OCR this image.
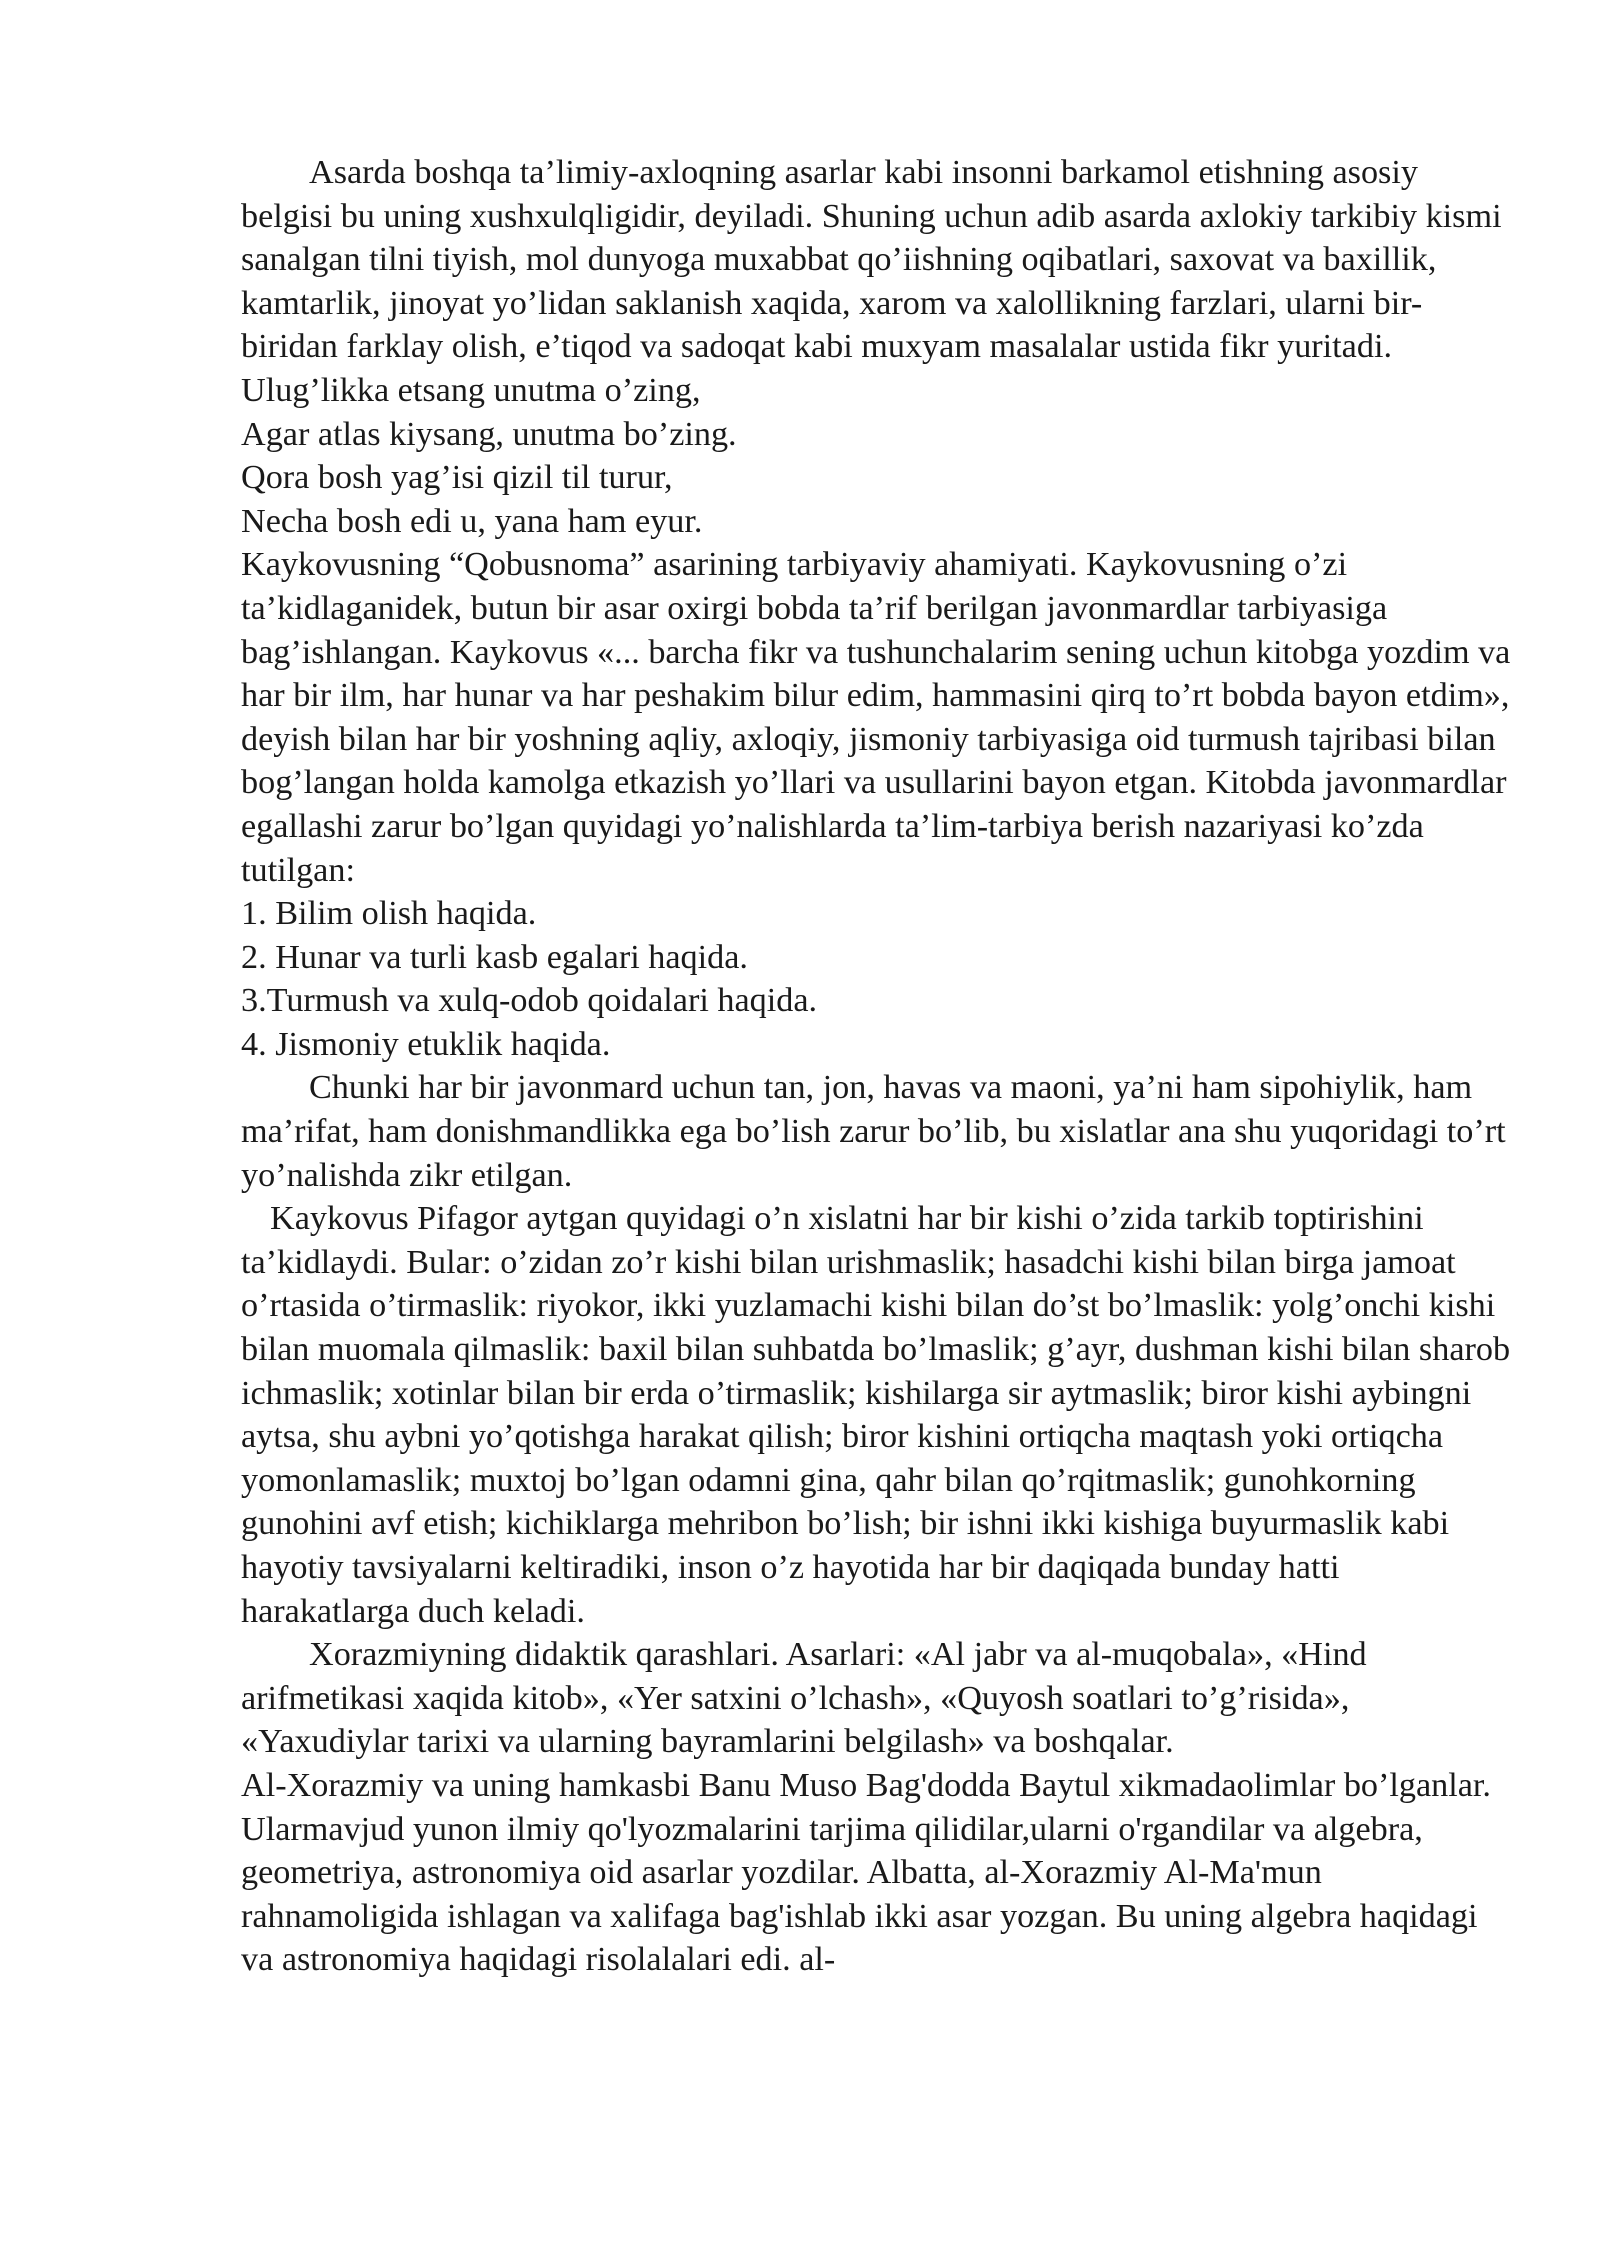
Asarda boshqa ta’limiy-axloqning asarlar kabi insonni barkamol etishning asosiy belgisi bu uning xushxulqligidir, deyiladi. Shuning uchun adib asarda axlokiy tarkibiy kismi sanalgan tilni tiyish, mol dunyoga muxabbat qo’iishning oqibatlari, saxovat va baxillik, kamtarlik, jinoyat yo’lidan saklanish xaqida, xarom va xalollikning farzlari, ularni bir-biridan farklay olish, e’tiqod va sadoqat kabi muxyam masalalar ustida fikr yuritadi.

Ulug’likka etsang unutma o’zing,

Agar atlas kiysang, unutma bo’zing.

Qora bosh yag’isi qizil til turur,

Necha bosh edi u, yana ham eyur.

Kaykovusning “Qobusnoma” asarining tarbiyaviy ahamiyati. Kaykovusning o’zi ta’kidlaganidek, butun bir asar oxirgi bobda ta’rif berilgan javonmardlar tarbiyasiga bag’ishlangan. Kaykovus «... barcha fikr va tushunchalarim sening uchun kitobga yozdim va har bir ilm, har hunar va har peshakim bilur edim, hammasini qirq to’rt bobda bayon etdim», deyish bilan har bir yoshning aqliy, axloqiy, jismoniy tarbiyasiga oid turmush tajribasi bilan bog’langan holda kamolga etkazish yo’llari va usullarini bayon etgan. Kitobda javonmardlar egallashi zarur bo’lgan quyidagi yo’nalishlarda ta’lim-tarbiya berish nazariyasi ko’zda tutilgan:

1. Bilim olish haqida.

2. Hunar va turli kasb egalari haqida.

3.Turmush va xulq-odob qoidalari haqida.

4. Jismoniy etuklik haqida.

Chunki har bir javonmard uchun tan, jon, havas va maoni, ya’ni ham sipohiylik, ham ma’rifat, ham donishmandlikka ega bo’lish zarur bo’lib, bu xislatlar ana shu yuqoridagi to’rt yo’nalishda zikr etilgan.

Kaykovus Pifagor aytgan quyidagi o’n xislatni har bir kishi o’zida tarkib toptirishini ta’kidlaydi. Bular: o’zidan zo’r kishi bilan urishmaslik; hasadchi kishi bilan birga jamoat o’rtasida o’tirmaslik: riyokor, ikki yuzlamachi kishi bilan do’st bo’lmaslik: yolg’onchi kishi bilan muomala qilmaslik: baxil bilan suhbatda bo’lmaslik; g’ayr, dushman kishi bilan sharob ichmaslik; xotinlar bilan bir erda o’tirmaslik; kishilarga sir aytmaslik; biror kishi aybingni aytsa, shu aybni yo’qotishga harakat qilish; biror kishini ortiqcha maqtash yoki ortiqcha yomonlamaslik; muxtoj bo’lgan odamni gina, qahr bilan qo’rqitmaslik; gunohkorning gunohini avf etish; kichiklarga mehribon bo’lish; bir ishni ikki kishiga buyurmaslik kabi hayotiy tavsiyalarni keltiradiki, inson o’z hayotida har bir daqiqada bunday hatti harakatlarga duch keladi.

Xorazmiyning didaktik qarashlari. Asarlari: «Al jabr va al-muqobala», «Hind arifmetikasi xaqida kitob», «Yer satxini o’lchash», «Quyosh soatlari to’g’risida», «Yaxudiylar tarixi va ularning bayramlarini belgilash» va boshqalar.

Al-Xorazmiy va uning hamkasbi Banu Muso Bag'dodda Baytul xikmadaolimlar bo’lganlar. Ularmavjud yunon ilmiy qo'lyozmalarini tarjima qilidilar,ularni o'rgandilar va algebra, geometriya, astronomiya oid asarlar yozdilar. Albatta, al-Xorazmiy Al-Ma'mun rahnamoligida ishlagan va xalifaga bag'ishlab ikki asar yozgan. Bu uning algebra haqidagi va astronomiya haqidagi risolalalari edi. al-
